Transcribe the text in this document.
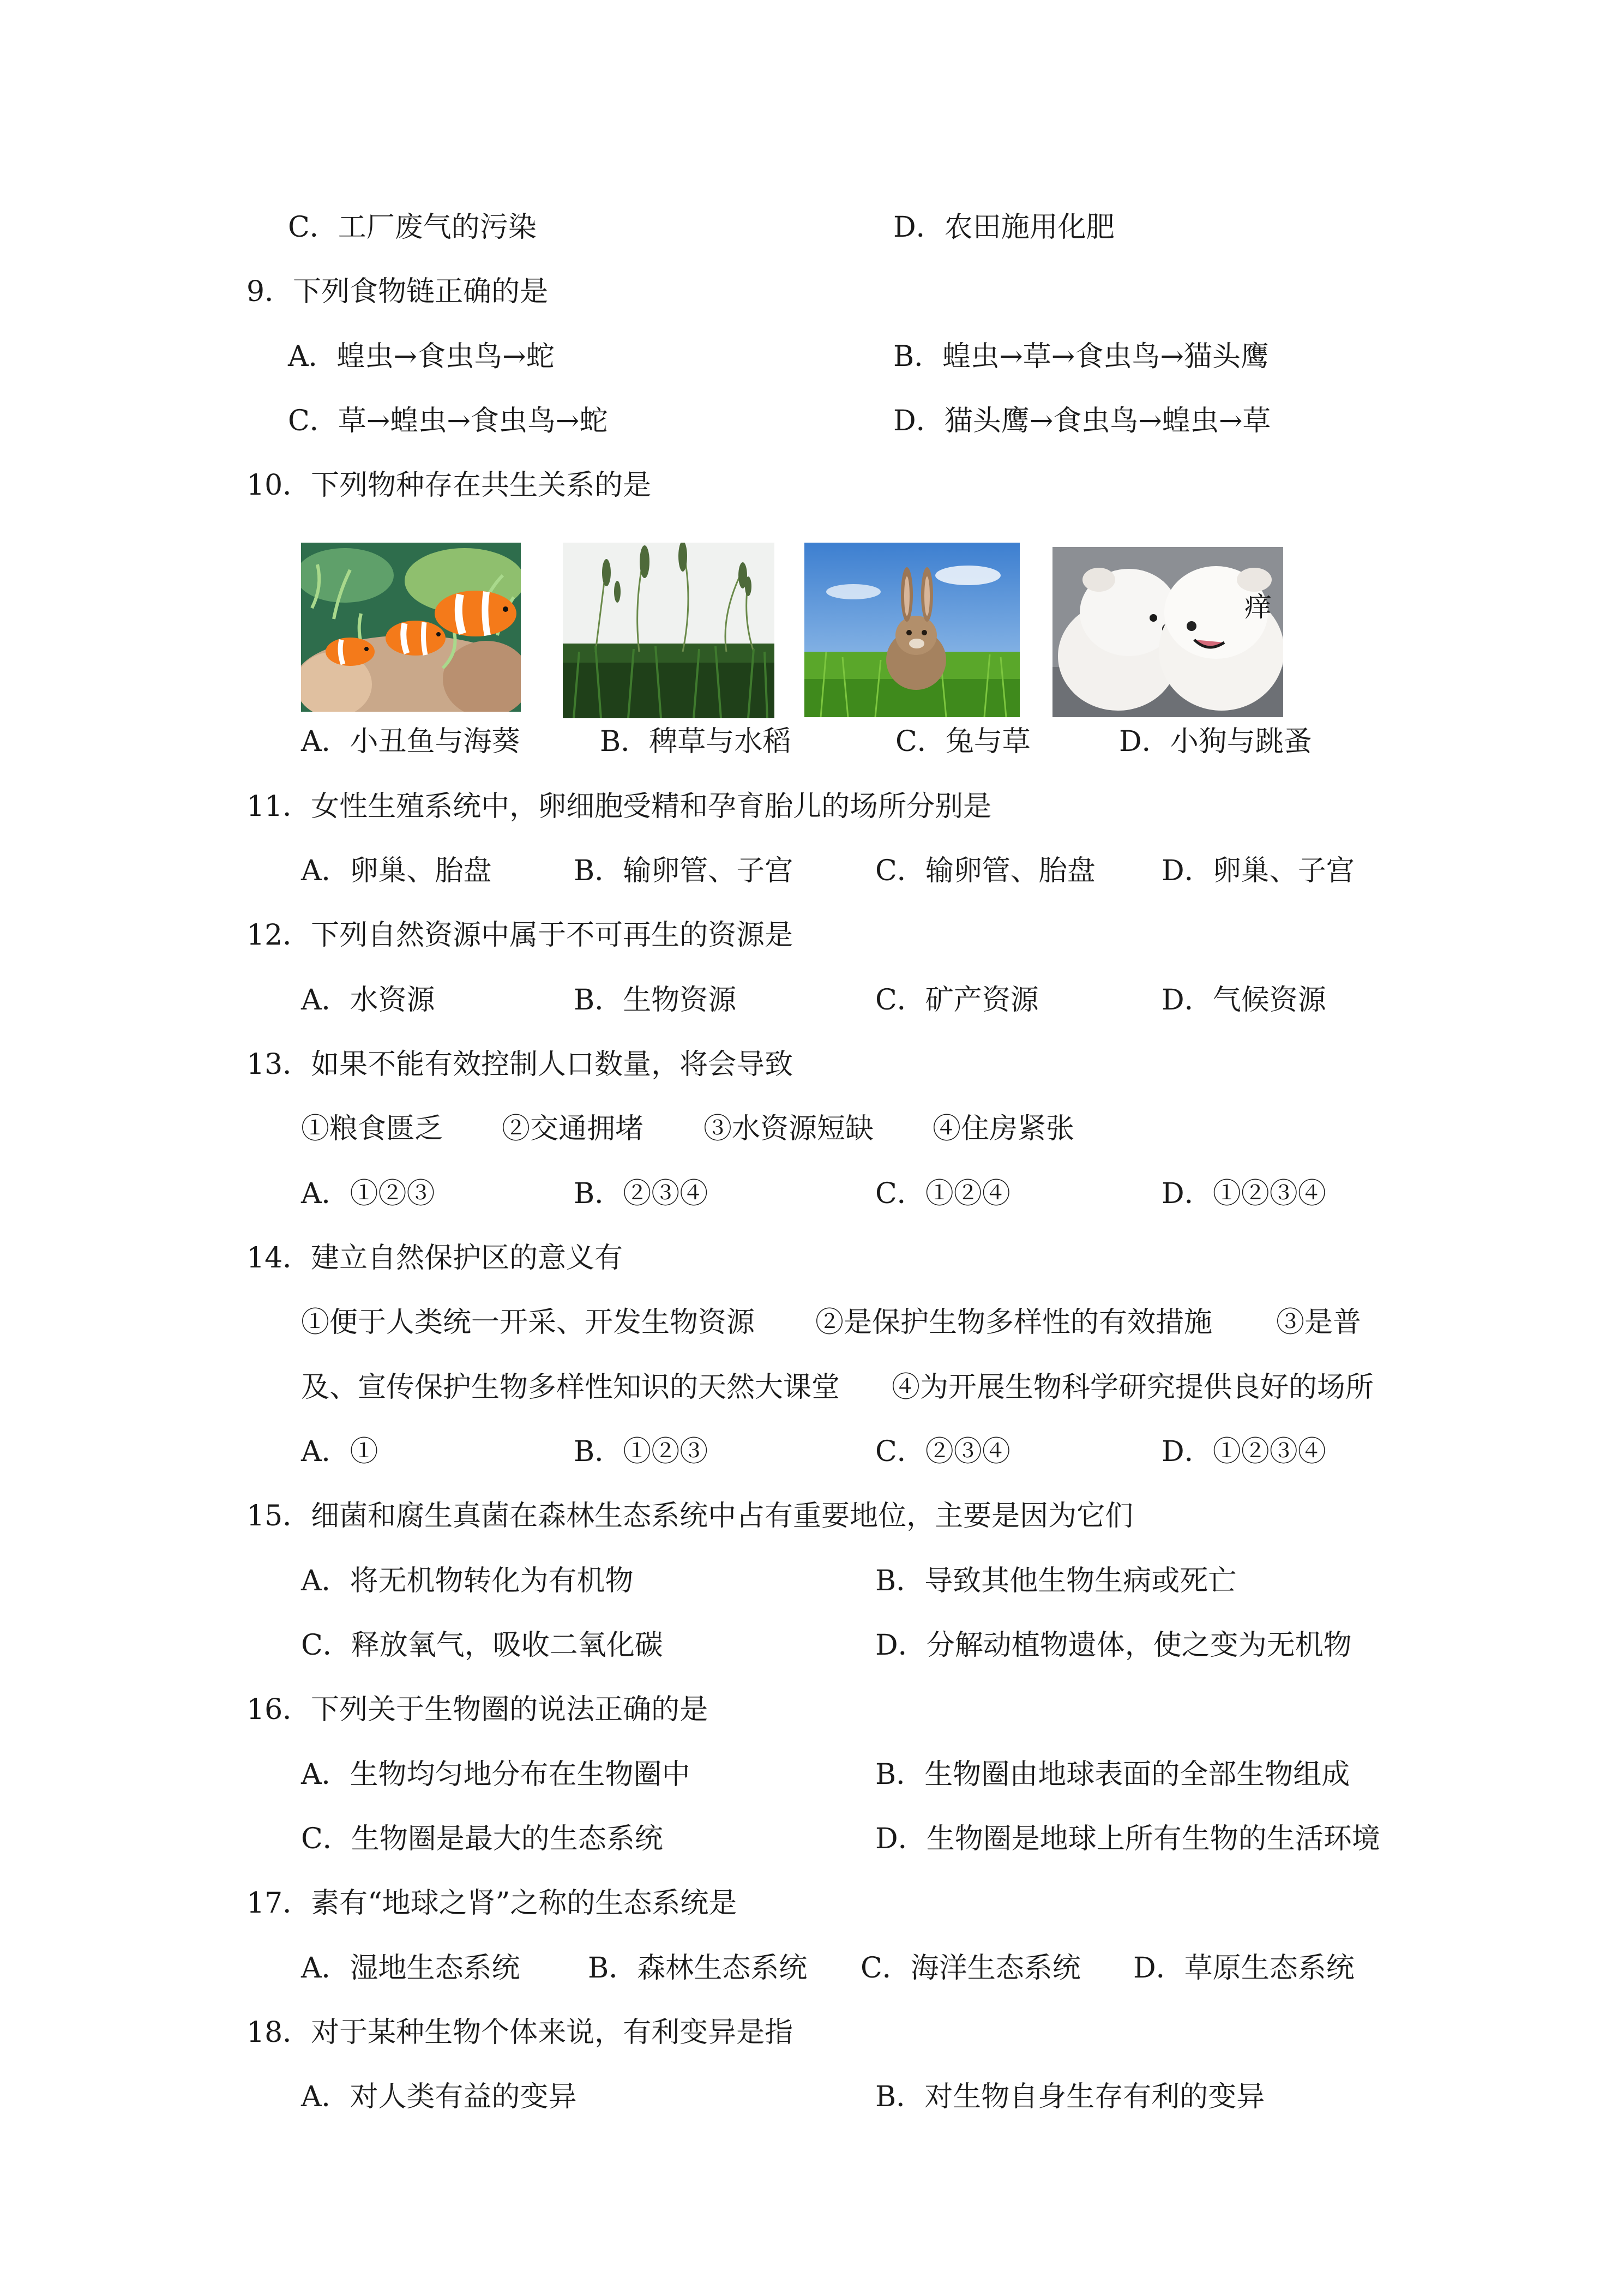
C．工厂废气的污染	D．农田施用化肥
9．下列食物链正确的是
A．蝗虫→食虫鸟→蛇	B．蝗虫→草→食虫鸟→猫头鹰
C．草→蝗虫→食虫鸟→蛇	D．猫头鹰→食虫鸟→蝗虫→草
10．下列物种存在共生关系的是
痒
A．小丑鱼与海葵	B．稗草与水稻	C．兔与草	D．小狗与跳蚤
11．女性生殖系统中，卵细胞受精和孕育胎儿的场所分别是
A．卵巢、胎盘	B．输卵管、子宫	C．输卵管、胎盘 D．卵巢、子宫
12．下列自然资源中属于不可再生的资源是
A．水资源	B．生物资源	C．矿产资源	D．气候资源
13．如果不能有效控制人口数量，将会导致
①粮食匮乏 ②交通拥堵 ③水资源短缺 ④住房紧张
A．①②③	B．②③④	C．①②④	D．①②③④
14．建立自然保护区的意义有
①便于人类统一开采、开发生物资源 ②是保护生物多样性的有效措施 ③是普
及、宣传保护生物多样性知识的天然大课堂 ④为开展生物科学研究提供良好的场所
A．①	B．①②③	C．②③④	D．①②③④
15．细菌和腐生真菌在森林生态系统中占有重要地位，主要是因为它们
A．将无机物转化为有机物	B．导致其他生物生病或死亡
C．释放氧气，吸收二氧化碳	D．分解动植物遗体，使之变为无机物
16．下列关于生物圈的说法正确的是
A．生物均匀地分布在生物圈中	B．生物圈由地球表面的全部生物组成
C．生物圈是最大的生态系统	D．生物圈是地球上所有生物的生活环境
17．素有“地球之肾”之称的生态系统是
A．湿地生态系统 B．森林生态系统 C．海洋生态系统 D．草原生态系统
18．对于某种生物个体来说，有利变异是指
A．对人类有益的变异	B．对生物自身生存有利的变异
